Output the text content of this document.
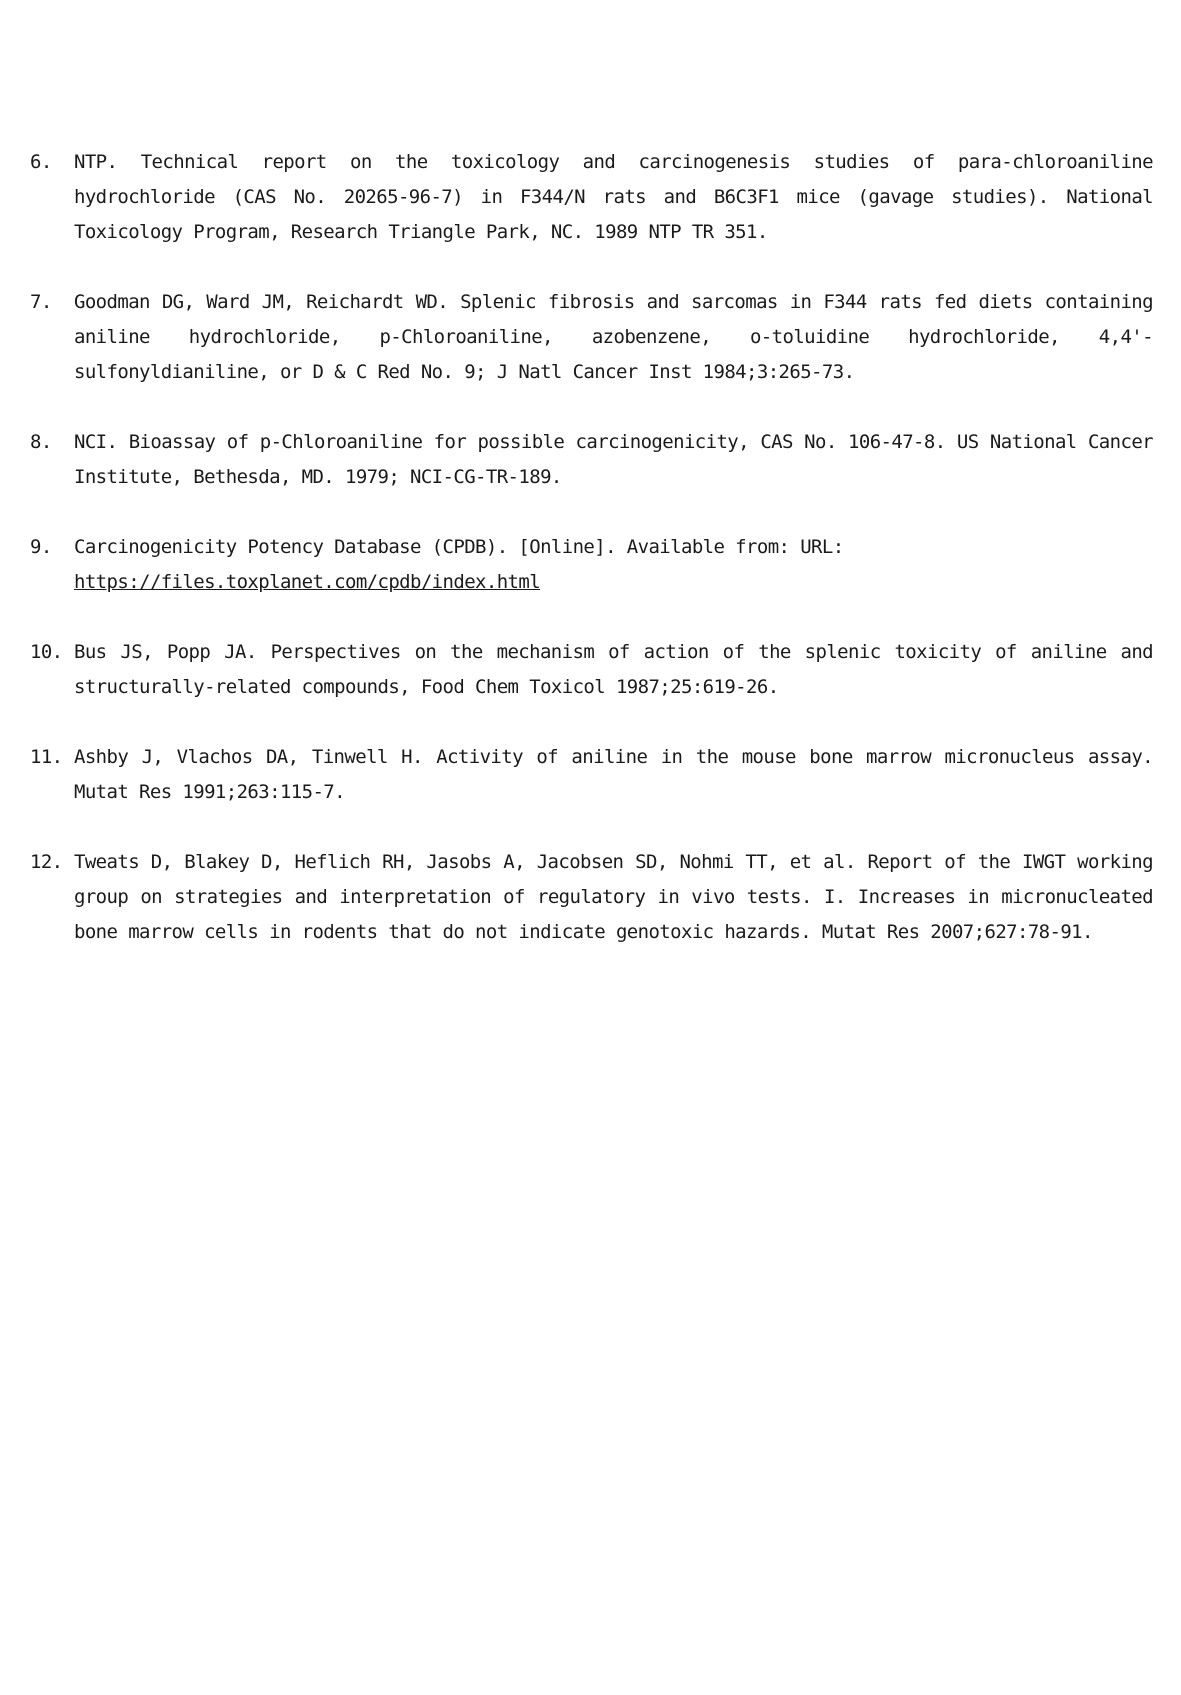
6. NTP. Technical report on the toxicology and carcinogenesis studies of para-chloroaniline hydrochloride (CAS No. 20265-96-7) in F344/N rats and B6C3F1 mice (gavage studies). National Toxicology Program, Research Triangle Park, NC. 1989 NTP TR 351.
7. Goodman DG, Ward JM, Reichardt WD. Splenic fibrosis and sarcomas in F344 rats fed diets containing aniline hydrochloride, p-Chloroaniline, azobenzene, o-toluidine hydrochloride, 4,4'-sulfonyldianiline, or D & C Red No. 9; J Natl Cancer Inst 1984;3:265-73.
8. NCI. Bioassay of p-Chloroaniline for possible carcinogenicity, CAS No. 106-47-8. US National Cancer Institute, Bethesda, MD. 1979; NCI-CG-TR-189.
9. Carcinogenicity Potency Database (CPDB). [Online]. Available from: URL:
https://files.toxplanet.com/cpdb/index.html
10. Bus JS, Popp JA. Perspectives on the mechanism of action of the splenic toxicity of aniline and structurally-related compounds, Food Chem Toxicol 1987;25:619-26.
11. Ashby J, Vlachos DA, Tinwell H. Activity of aniline in the mouse bone marrow micronucleus assay. Mutat Res 1991;263:115-7.
12. Tweats D, Blakey D, Heflich RH, Jasobs A, Jacobsen SD, Nohmi TT, et al. Report of the IWGT working group on strategies and interpretation of regulatory in vivo tests. I. Increases in micronucleated bone marrow cells in rodents that do not indicate genotoxic hazards. Mutat Res 2007;627:78-91.
